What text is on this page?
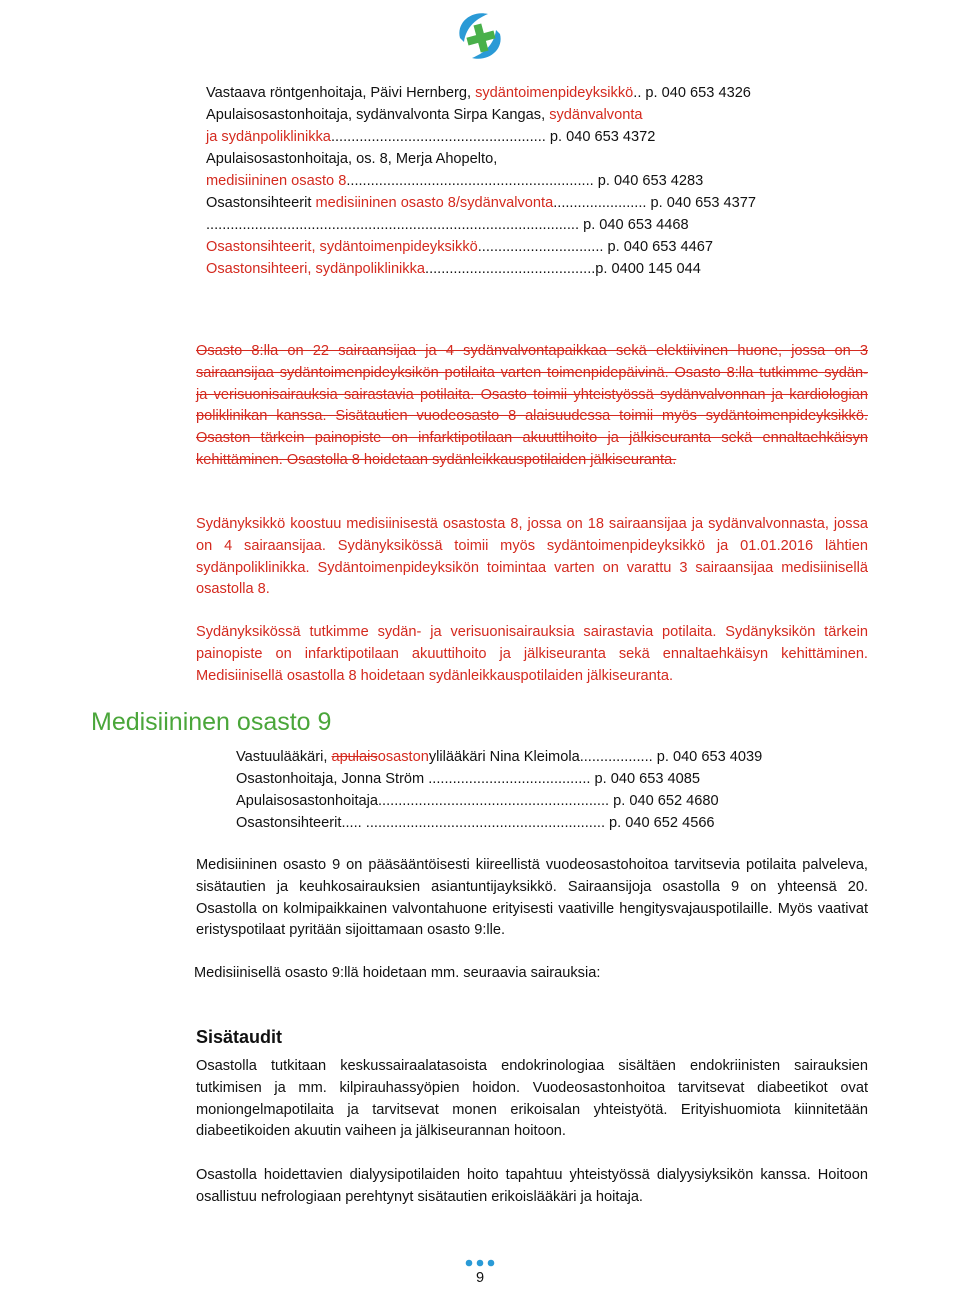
Vastaava röntgenhoitaja, Päivi Hernberg, sydäntoimenpideyksikkö.. p. 040 653 4326
Apulaisosastonhoitaja, sydänvalvonta Sirpa Kangas, sydänvalvonta
ja sydänpoliklinikka..................................................... p. 040 653 4372
Apulaisosastonhoitaja, os. 8, Merja Ahopelto,
medisiininen osasto 8............................................................. p. 040 653 4283
Osastonsihteerit medisiininen osasto 8/sydänvalvonta....................... p. 040 653 4377
............................................................................................ p. 040 653 4468
Osastonsihteerit, sydäntoimenpideyksikkö............................... p. 040 653 4467
Osastonsihteeri, sydänpoliklinikka..........................................p. 0400 145 044
Osasto 8:lla on 22 sairaansijaa ja 4 sydänvalvontapaikkaa sekä elektiivinen huone, jossa on 3 sairaansijaa sydäntoimenpideyksikön potilaita varten toimenpidepäivinä. Osasto 8:lla tutkimme sydän- ja verisuonisairauksia sairastavia potilaita. Osasto toimii yhteistyössä sydänvalvonnan ja kardiologian poliklinikan kanssa. Sisätautien vuodeosasto 8 alaisuudessa toimii myös sydäntoimenpideyksikkö. Osaston tärkein painopiste on infarktipotilaan akuuttihoito ja jälkiseuranta sekä ennaltaehkäisyn kehittäminen. Osastolla 8 hoidetaan sydänleikkauspotilaiden jälkiseuranta.
Sydänyksikkö koostuu medisiinisestä osastosta 8, jossa on 18 sairaansijaa ja sydänvalvonnasta, jossa on 4 sairaansijaa. Sydänyksikössä toimii myös sydäntoimenpideyksikkö ja 01.01.2016 lähtien sydänpoliklinikka. Sydäntoimenpideyksikön toimintaa varten on varattu 3 sairaansijaa medisiinisellä osastolla 8.
Sydänyksikössä tutkimme sydän- ja verisuonisairauksia sairastavia potilaita. Sydänyksikön tärkein painopiste on infarktipotilaan akuuttihoito ja jälkiseuranta sekä ennaltaehkäisyn kehittäminen. Medisiinisellä osastolla 8 hoidetaan sydänleikkauspotilaiden jälkiseuranta.
Medisiininen osasto 9
Vastuulääkäri, apulaisosastonylilääkäri Nina Kleimola.................. p. 040 653 4039
Osastonhoitaja, Jonna Ström ........................................ p. 040 653 4085
Apulaisosastonhoitaja......................................................... p. 040 652 4680
Osastonsihteerit..... ........................................................... p. 040 652 4566
Medisiininen osasto 9 on pääsääntöisesti kiireellistä vuodeosastohoitoa tarvitsevia potilaita palveleva, sisätautien ja keuhkosairauksien asiantuntijayksikkö. Sairaansijoja osastolla 9 on yhteensä 20. Osastolla on kolmipaikkainen valvontahuone erityisesti vaativille hengitysvajauspotilaille. Myös vaativat eristyspotilaat pyritään sijoittamaan osasto 9:lle.
Medisiinisellä osasto 9:llä hoidetaan mm. seuraavia sairauksia:
Sisätaudit
Osastolla tutkitaan keskussairaalatasoista endokrinologiaa sisältäen endokriinisten sairauksien tutkimisen ja mm. kilpirauhassyöpien hoidon. Vuodeosastonhoitoa tarvitsevat diabeetikot ovat moniongelmapotilaita ja tarvitsevat monen erikoisalan yhteistyötä. Erityishuomiota kiinnitetään diabeetikoiden akuutin vaiheen ja jälkiseurannan hoitoon.
Osastolla hoidettavien dialyysipotilaiden hoito tapahtuu yhteistyössä dialyysiyksikön kanssa. Hoitoon osallistuu nefrologiaan perehtynyt sisätautien erikoislääkäri ja hoitaja.
9
